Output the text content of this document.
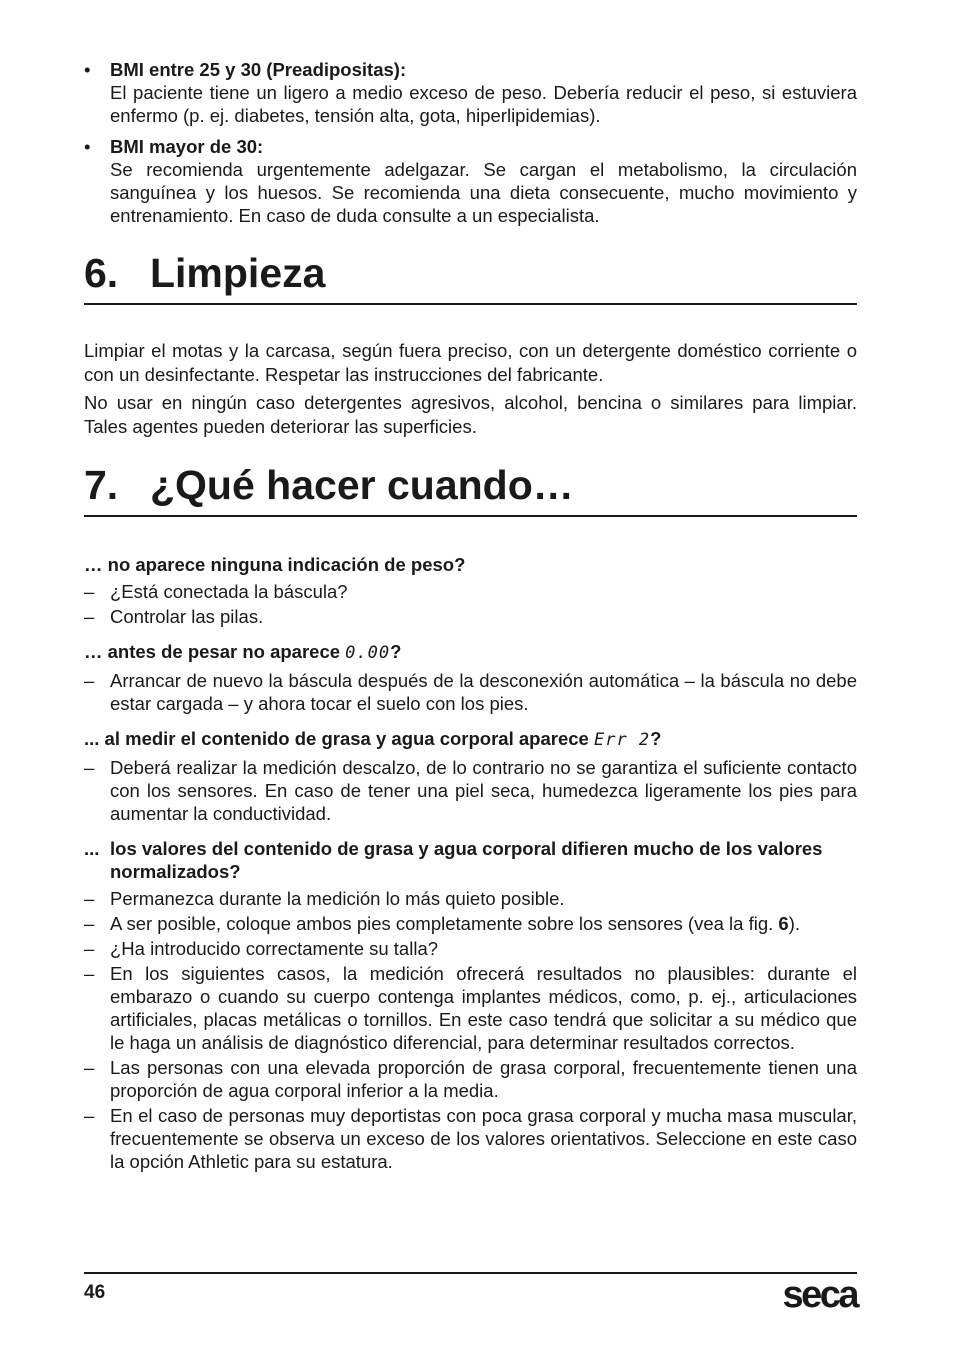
• BMI entre 25 y 30 (Preadipositas):
El paciente tiene un ligero a medio exceso de peso. Debería reducir el peso, si estuviera enfermo (p. ej. diabetes, tensión alta, gota, hiperlipidemias).
• BMI mayor de 30:
Se recomienda urgentemente adelgazar. Se cargan el metabolismo, la circulación sanguínea y los huesos. Se recomienda una dieta consecuente, mucho movimiento y entrenamiento. En caso de duda consulte a un especialista.
6. Limpieza

Limpiar el motas y la carcasa, según fuera preciso, con un detergente doméstico corriente o con un desinfectante. Respetar las instrucciones del fabricante.

No usar en ningún caso detergentes agresivos, alcohol, bencina o similares para limpiar. Tales agentes pueden deteriorar las superficies.

7. ¿Qué hacer cuando…
… no aparece ninguna indicación de peso?
– ¿Está conectada la báscula?
– Controlar las pilas.
… antes de pesar no aparece 0.00?
– Arrancar de nuevo la báscula después de la desconexión automática – la báscula no debe estar cargada – y ahora tocar el suelo con los pies.
... al medir el contenido de grasa y agua corporal aparece Err 2?
– Deberá realizar la medición descalzo, de lo contrario no se garantiza el suficiente contacto con los sensores. En caso de tener una piel seca, humedezca ligeramente los pies para aumentar la conductividad.
... los valores del contenido de grasa y agua corporal difieren mucho de los valores normalizados?
– Permanezca durante la medición lo más quieto posible.
– A ser posible, coloque ambos pies completamente sobre los sensores (vea la fig. 6).
– ¿Ha introducido correctamente su talla?
– En los siguientes casos, la medición ofrecerá resultados no plausibles: durante el embarazo o cuando su cuerpo contenga implantes médicos, como, p. ej., articulaciones artificiales, placas metálicas o tornillos. En este caso tendrá que solicitar a su médico que le haga un análisis de diagnóstico diferencial, para determinar resultados correctos.
– Las personas con una elevada proporción de grasa corporal, frecuentemente tienen una proporción de agua corporal inferior a la media.
– En el caso de personas muy deportistas con poca grasa corporal y mucha masa muscular, frecuentemente se observa un exceso de los valores orientativos. Seleccione en este caso la opción Athletic para su estatura.
46	seca
